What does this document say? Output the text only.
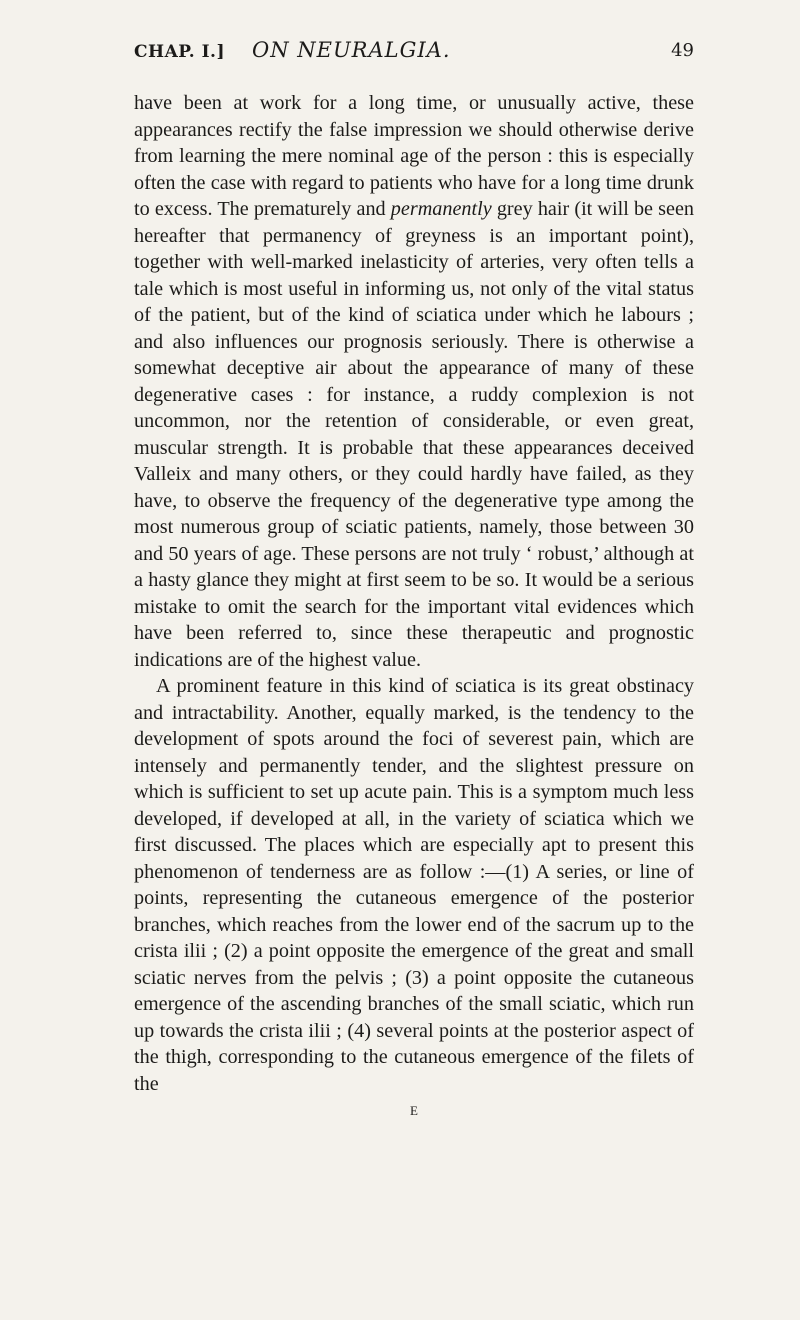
CHAP. I.] ON NEURALGIA.	49

have been at work for a long time, or unusually active, these appearances rectify the false impression we should otherwise derive from learning the mere nominal age of the person : this is especially often the case with regard to patients who have for a long time drunk to excess. The prematurely and permanently grey hair (it will be seen hereafter that permanency of greyness is an important point), together with well-marked inelasticity of arteries, very often tells a tale which is most useful in informing us, not only of the vital status of the patient, but of the kind of sciatica under which he labours ; and also influences our prognosis seriously. There is otherwise a somewhat deceptive air about the appearance of many of these degenerative cases : for instance, a ruddy complexion is not uncommon, nor the retention of considerable, or even great, muscular strength. It is probable that these appearances deceived Valleix and many others, or they could hardly have failed, as they have, to observe the frequency of the degenerative type among the most numerous group of sciatic patients, namely, those between 30 and 50 years of age. These persons are not truly ‘ robust,’ although at a hasty glance they might at first seem to be so. It would be a serious mistake to omit the search for the important vital evidences which have been referred to, since these therapeutic and prognostic indications are of the highest value.

A prominent feature in this kind of sciatica is its great obstinacy and intractability. Another, equally marked, is the tendency to the development of spots around the foci of severest pain, which are intensely and permanently tender, and the slightest pressure on which is sufficient to set up acute pain. This is a symptom much less developed, if developed at all, in the variety of sciatica which we first discussed. The places which are especially apt to present this phenomenon of tenderness are as follow :—(1) A series, or line of points, representing the cutaneous emergence of the posterior branches, which reaches from the lower end of the sacrum up to the crista ilii ; (2) a point opposite the emergence of the great and small sciatic nerves from the pelvis ; (3) a point opposite the cutaneous emergence of the ascending branches of the small sciatic, which run up towards the crista ilii ; (4) several points at the posterior aspect of the thigh, corresponding to the cutaneous emergence of the filets of the

E
